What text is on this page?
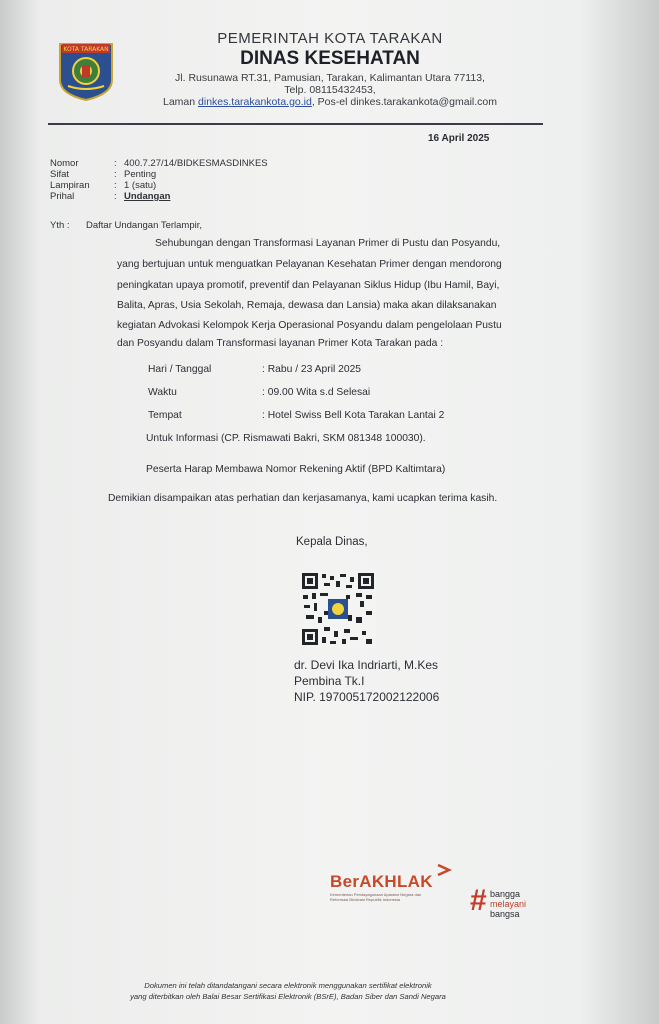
KOTA TARAKAN
PEMERINTAH KOTA TARAKAN
DINAS KESEHATAN
Jl. Rusunawa RT.31, Pamusian, Tarakan, Kalimantan Utara 77113,
Telp. 08115432453,
Laman dinkes.tarakankota.go.id, Pos-el dinkes.tarakankota@gmail.com
16 April 2025
Nomor	: 400.7.27/14/BIDKESMASDINKES
Sifat	: Penting
Lampiran	: 1 (satu)
Prihal	: Undangan
Yth : Daftar Undangan Terlampir,

Sehubungan dengan Transformasi Layanan Primer di Pustu dan Posyandu,

yang bertujuan untuk menguatkan Pelayanan Kesehatan Primer dengan mendorong

peningkatan upaya promotif, preventif dan Pelayanan Siklus Hidup (Ibu Hamil, Bayi,

Balita, Apras, Usia Sekolah, Remaja, dewasa dan Lansia) maka akan dilaksanakan

kegiatan Advokasi Kelompok Kerja Operasional Posyandu dalam pengelolaan Pustu

dan Posyandu dalam Transformasi layanan Primer Kota Tarakan pada :

Hari / Tanggal	: Rabu / 23 April 2025
Waktu	: 09.00 Wita s.d Selesai
Tempat	: Hotel Swiss Bell Kota Tarakan Lantai 2
Untuk Informasi (CP. Rismawati Bakri, SKM 081348 100030).
Peserta Harap Membawa Nomor Rekening Aktif (BPD Kaltimtara)
Demikian disampaikan atas perhatian dan kerjasamanya, kami ucapkan terima kasih.
Kepala Dinas,
dr. Devi Ika Indriarti, M.Kes
Pembina Tk.I
NIP. 197005172002122006
BerAKHLAK
Kementerian Pendayagunaan Aparatur Negara dan Reformasi Birokrasi Republik Indonesia	# bangga
melayani
bangsa
Dokumen ini telah ditandatangani secara elektronik menggunakan sertifikat elektronik
yang diterbitkan oleh Balai Besar Sertifikasi Elektronik (BSrE), Badan Siber dan Sandi Negara
